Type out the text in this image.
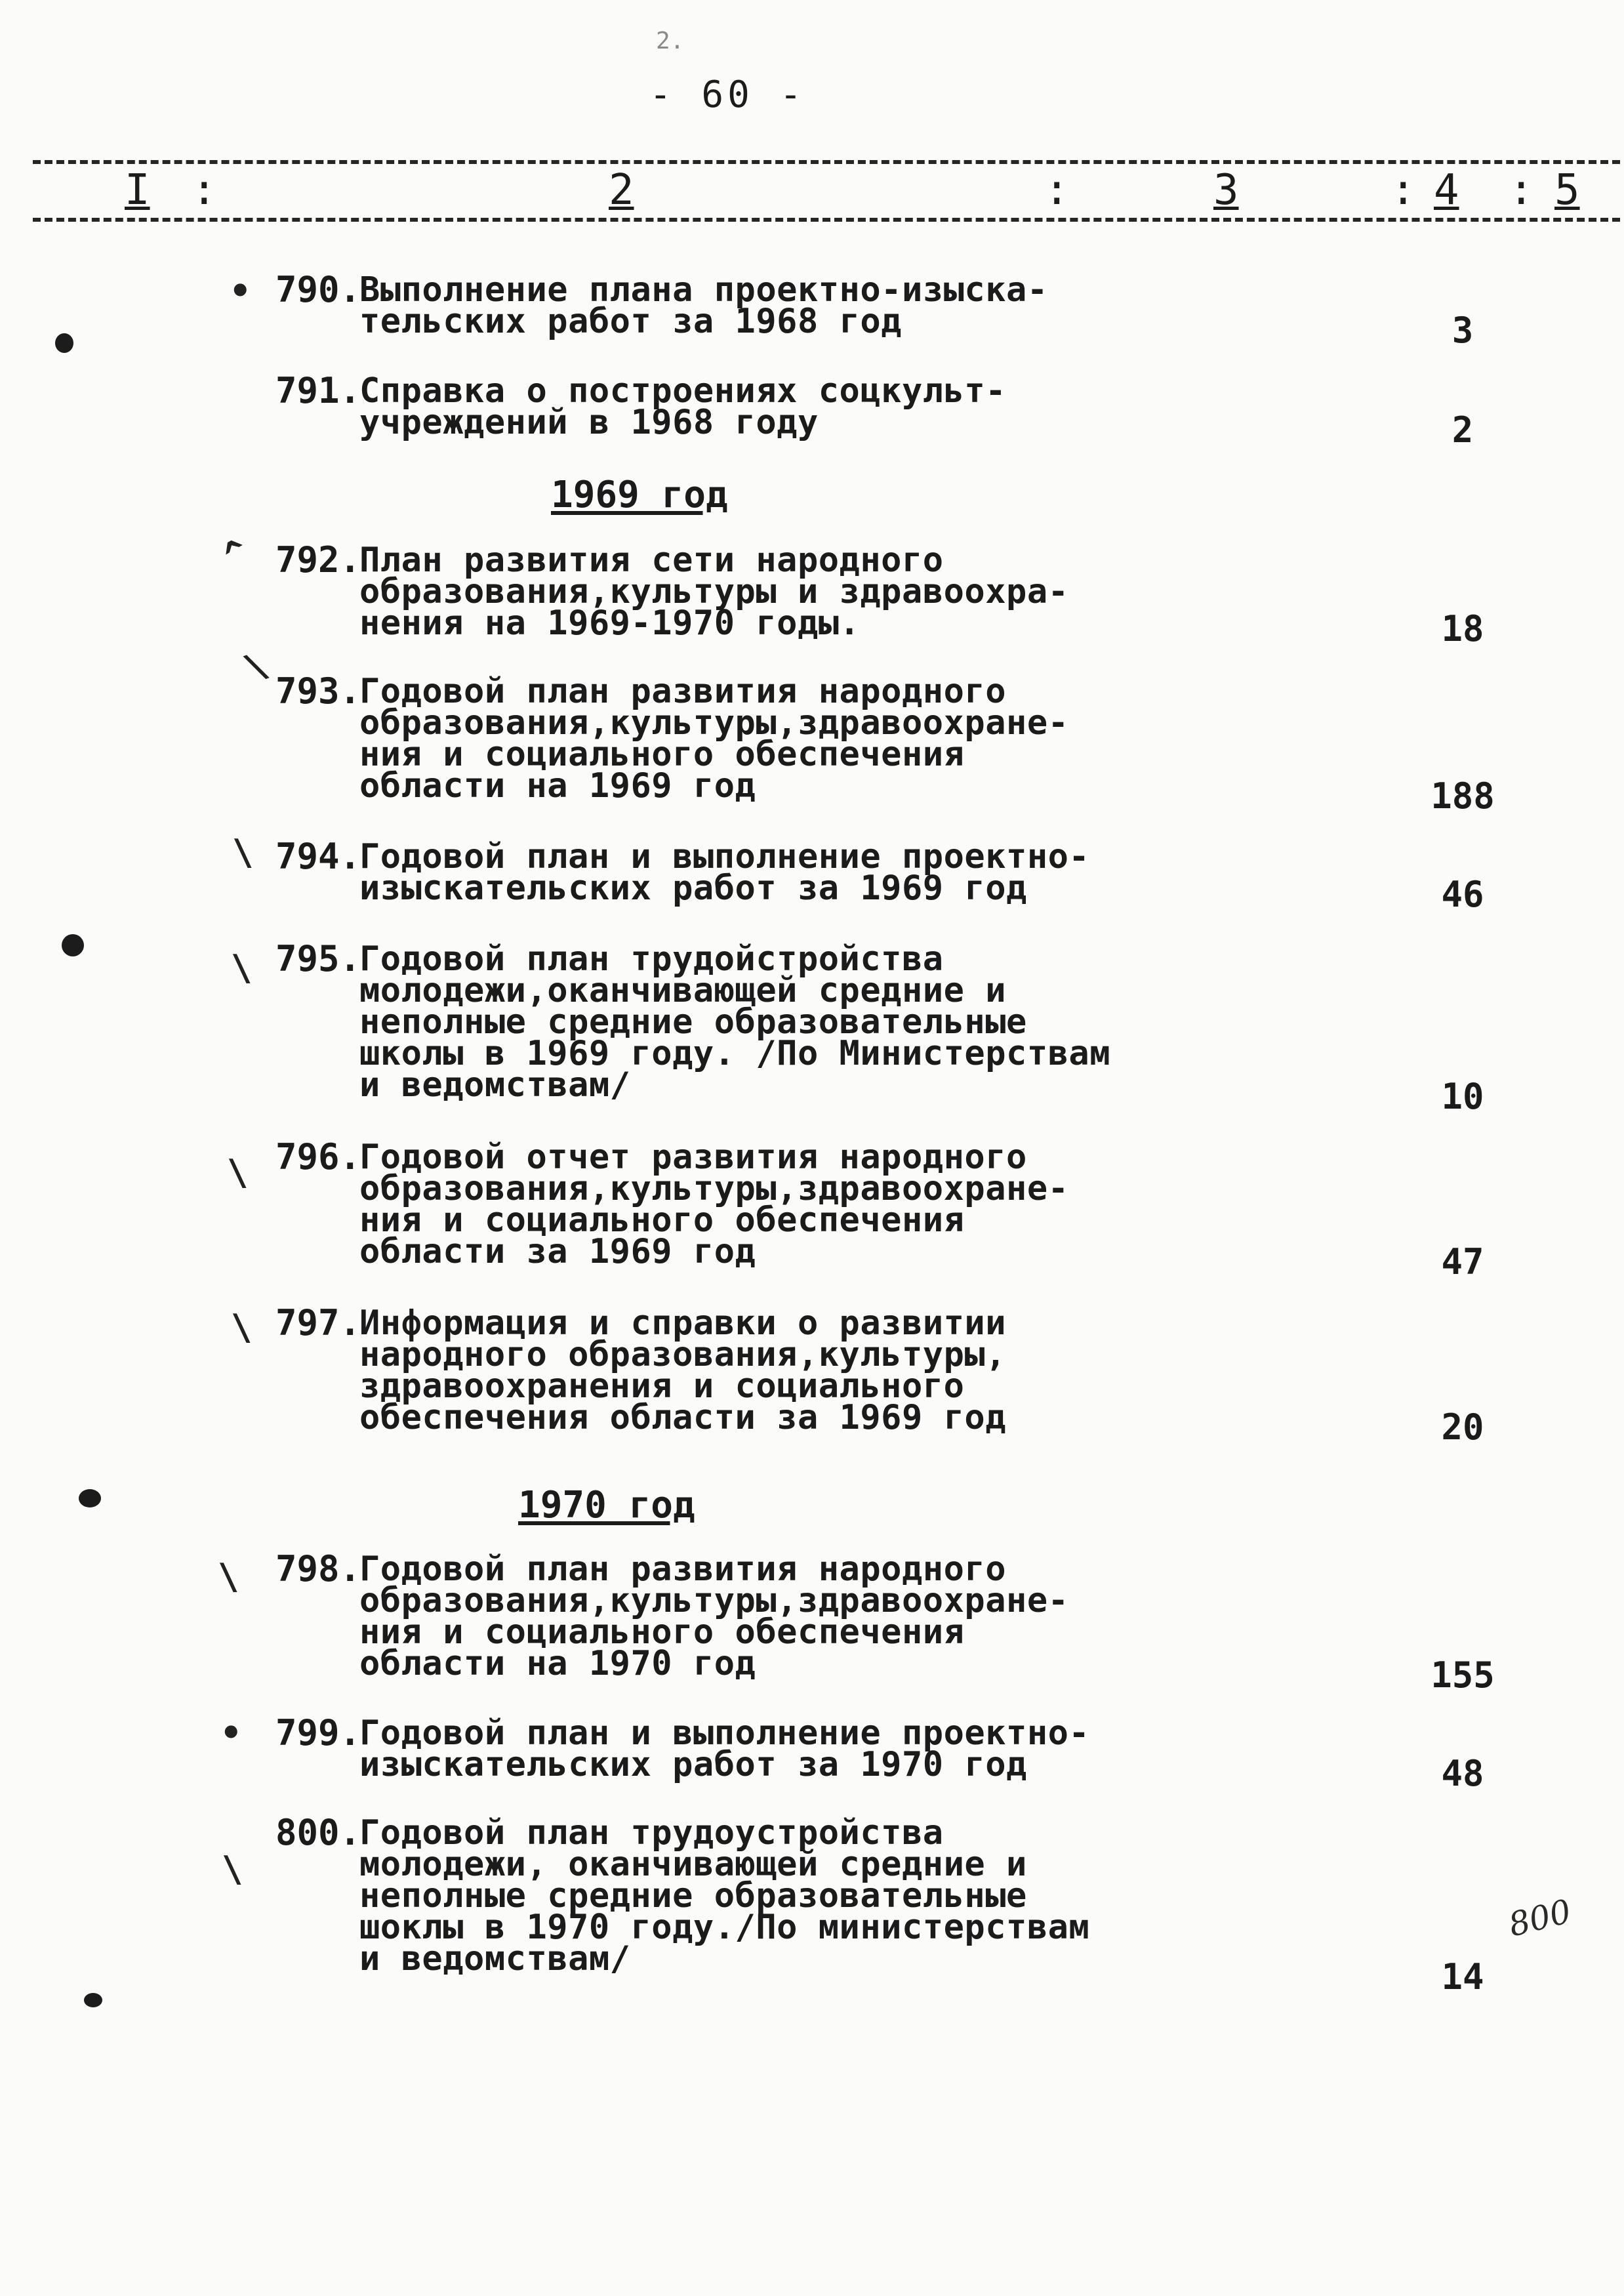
2.
- 60 -
I :	2	:	3	: 4 : 5
790.
Выполнение плана проектно-изыска-
тельских работ за 1968 год	3
791.
Справка о построениях соцкульт-
учреждений в 1968 году	2
1969 год
792.
План развития сети народного
образования,культуры и здравоохра-
нения на 1969-1970 годы.	18
793.
Годовой план развития народного
образования,культуры,здравоохране-
ния и социального обеспечения
области на 1969 год	188
794.
Годовой план и выполнение проектно-
изыскательских работ за 1969 год	46
795.
Годовой план трудойстройства
молодежи,оканчивающей средние и
неполные средние образовательные
школы в 1969 году. /По Министерствам
и ведомствам/	10
796.
Годовой отчет развития народного
образования,культуры,здравоохране-
ния и социального обеспечения
области за 1969 год	47
797.
Информация и справки о развитии
народного образования,культуры,
здравоохранения и социального
обеспечения области за 1969 год	20
1970 год
798.
Годовой план развития народного
образования,культуры,здравоохране-
ния и социального обеспечения
области на 1970 год	155
799.
Годовой план и выполнение проектно-
изыскательских работ за 1970 год	48
800.
Годовой план трудоустройства
молодежи, оканчивающей средние и
неполные средние образовательные
шоклы в 1970 году./По министерствам
и ведомствам/	14
800
•
^
\
\
\
\
\
\
•
\
